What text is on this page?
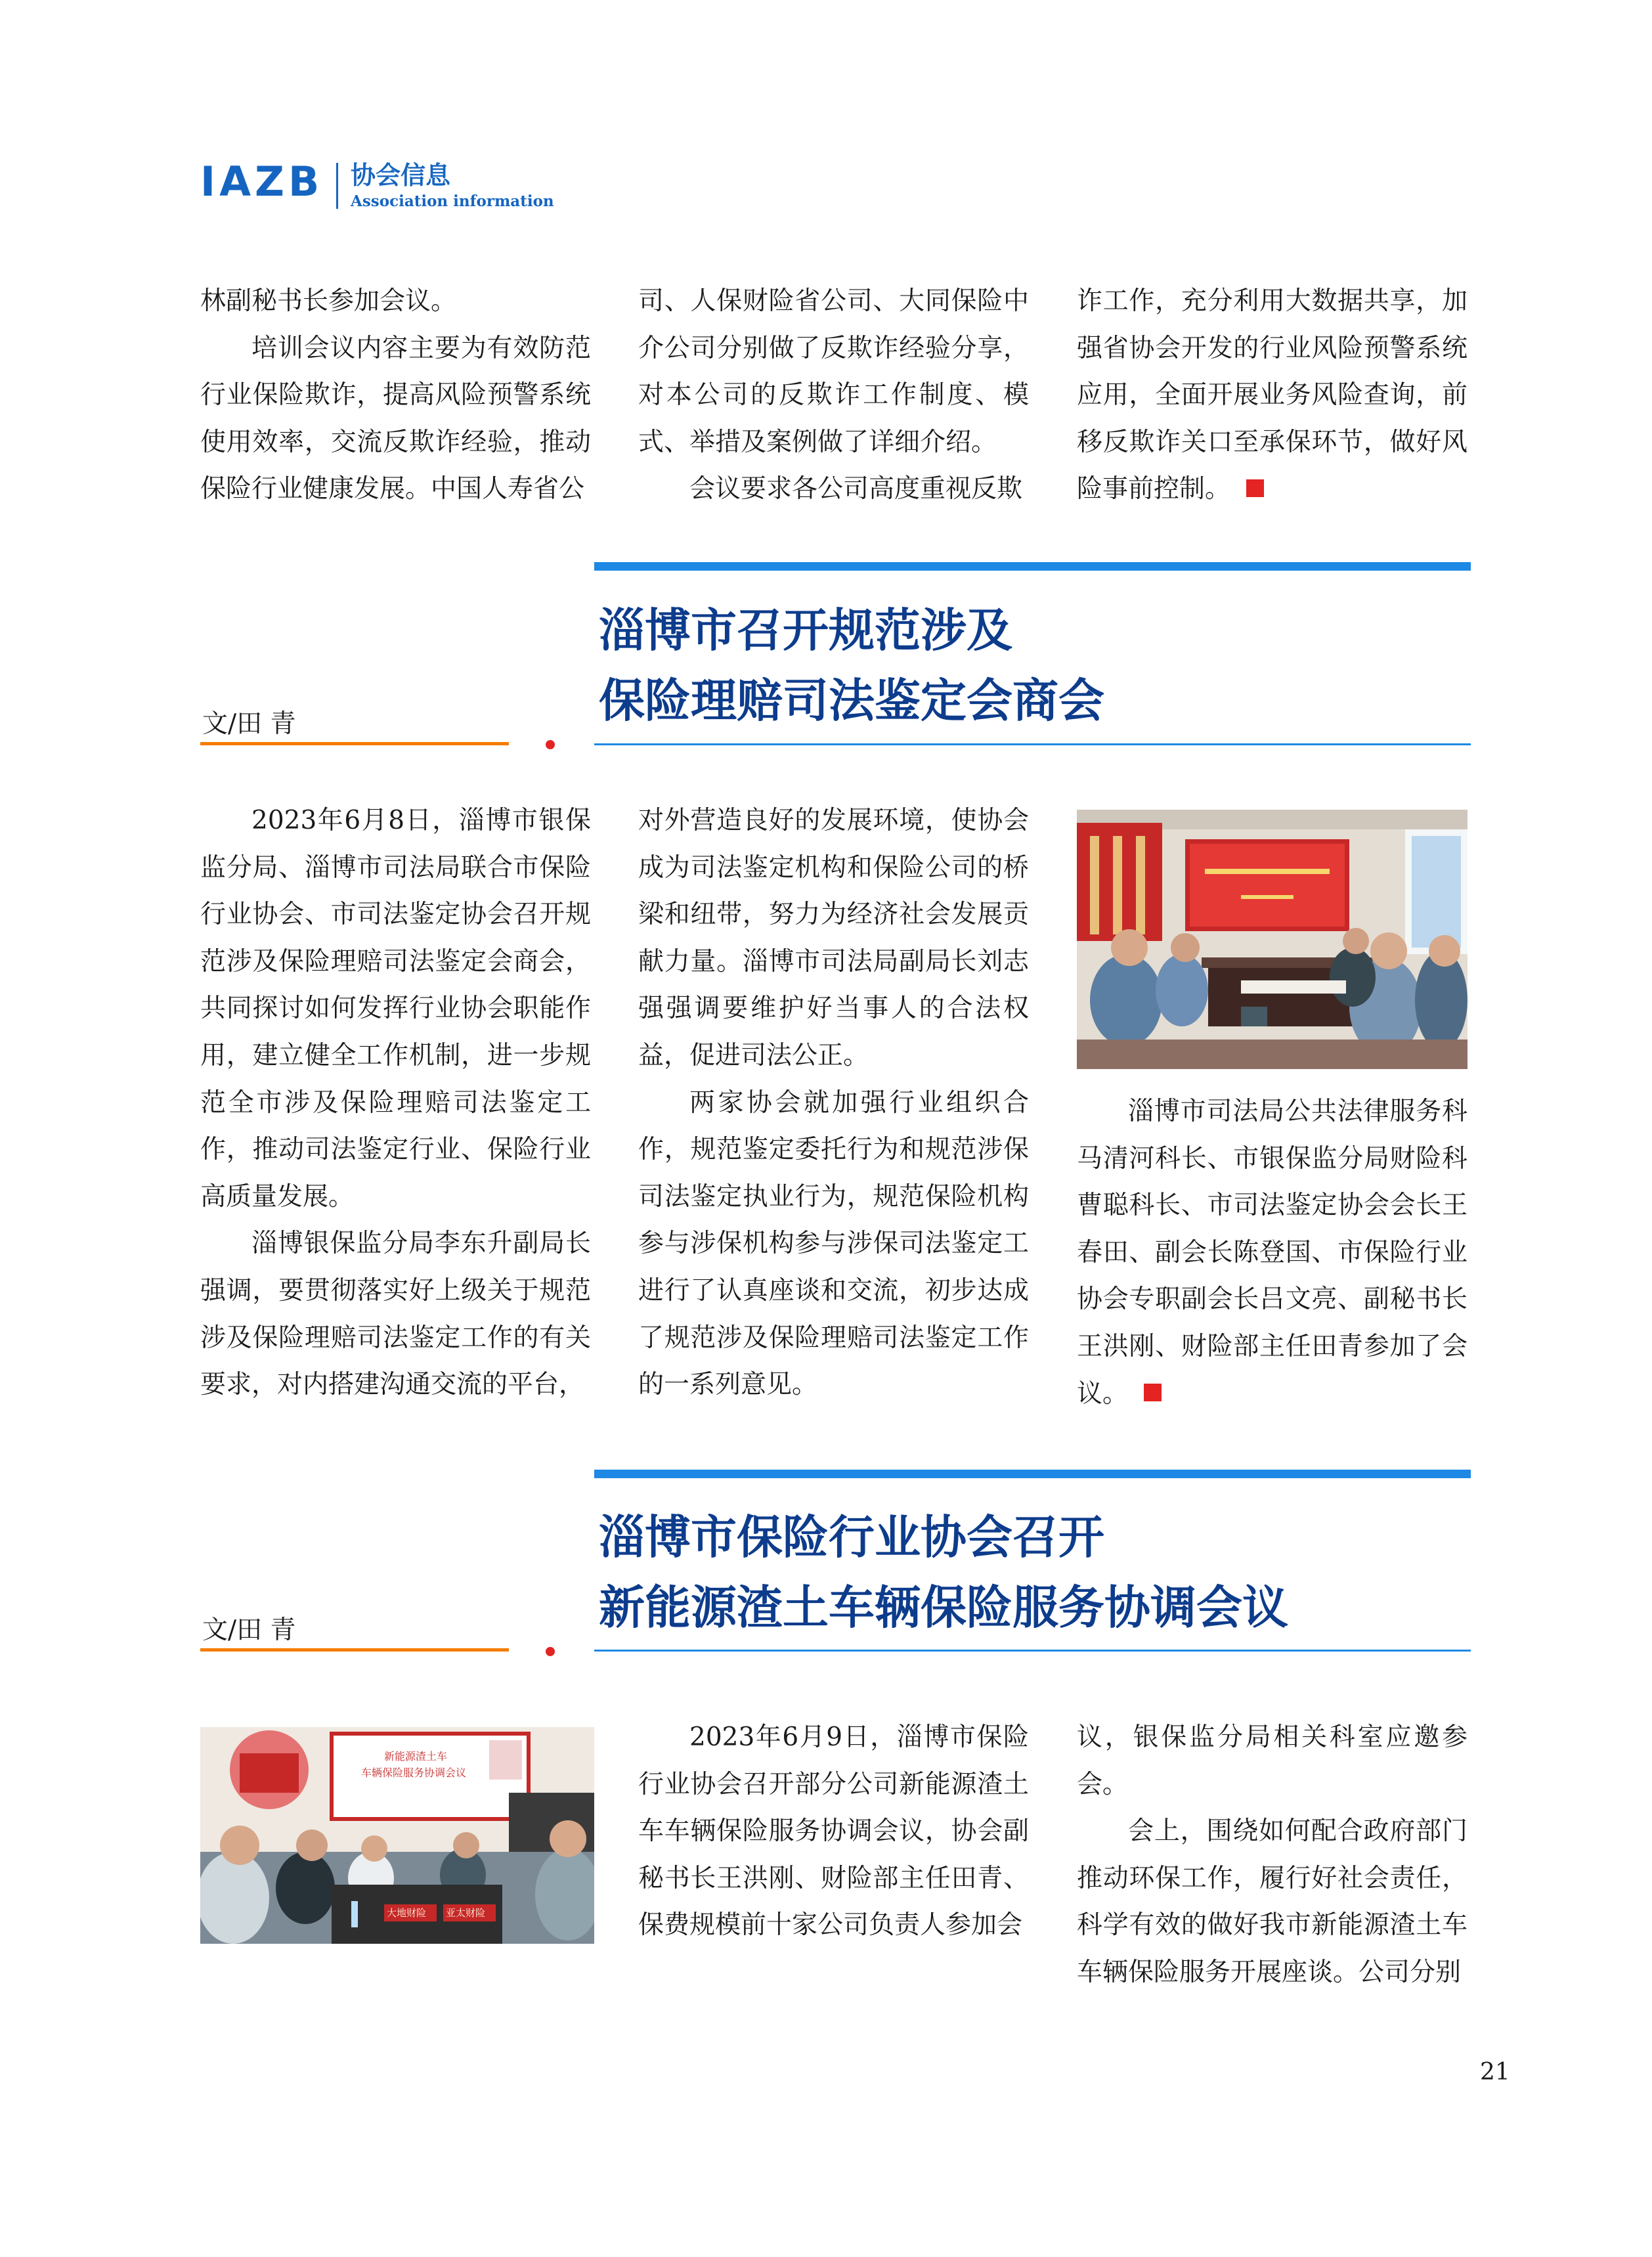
IAZB 协会信息
Association information

林副秘书长参加会议。

培训会议内容主要为有效防范行业保险欺诈，提高风险预警系统使用效率，交流反欺诈经验，推动保险行业健康发展。中国人寿省公

司、人保财险省公司、大同保险中介公司分别做了反欺诈经验分享，对本公司的反欺诈工作制度、模式、举措及案例做了详细介绍。

会议要求各公司高度重视反欺

诈工作，充分利用大数据共享，加强省协会开发的行业风险预警系统应用，全面开展业务风险查询，前移反欺诈关口至承保环节，做好风险事前控制。

淄博市召开规范涉及
保险理赔司法鉴定会商会
文/田 青

2023年6月8日，淄博市银保监分局、淄博市司法局联合市保险行业协会、市司法鉴定协会召开规范涉及保险理赔司法鉴定会商会，共同探讨如何发挥行业协会职能作用，建立健全工作机制，进一步规范全市涉及保险理赔司法鉴定工作，推动司法鉴定行业、保险行业高质量发展。

淄博银保监分局李东升副局长强调，要贯彻落实好上级关于规范涉及保险理赔司法鉴定工作的有关要求，对内搭建沟通交流的平台，

对外营造良好的发展环境，使协会成为司法鉴定机构和保险公司的桥梁和纽带，努力为经济社会发展贡献力量。淄博市司法局副局长刘志强强调要维护好当事人的合法权益，促进司法公正。

两家协会就加强行业组织合作，规范鉴定委托行为和规范涉保司法鉴定执业行为，规范保险机构参与涉保机构参与涉保司法鉴定工进行了认真座谈和交流，初步达成了规范涉及保险理赔司法鉴定工作的一系列意见。

淄博市司法局公共法律服务科马清河科长、市银保监分局财险科曹聪科长、市司法鉴定协会会长王春田、副会长陈登国、市保险行业协会专职副会长吕文亮、副秘书长王洪刚、财险部主任田青参加了会议。

淄博市保险行业协会召开
新能源渣土车辆保险服务协调会议
文/田 青
新能源渣土车
车辆保险服务协调会议
大地财险 亚太财险

2023年6月9日，淄博市保险行业协会召开部分公司新能源渣土车车辆保险服务协调会议，协会副秘书长王洪刚、财险部主任田青、保费规模前十家公司负责人参加会

议，银保监分局相关科室应邀参会。

会上，围绕如何配合政府部门推动环保工作，履行好社会责任，科学有效的做好我市新能源渣土车车辆保险服务开展座谈。公司分别

21
